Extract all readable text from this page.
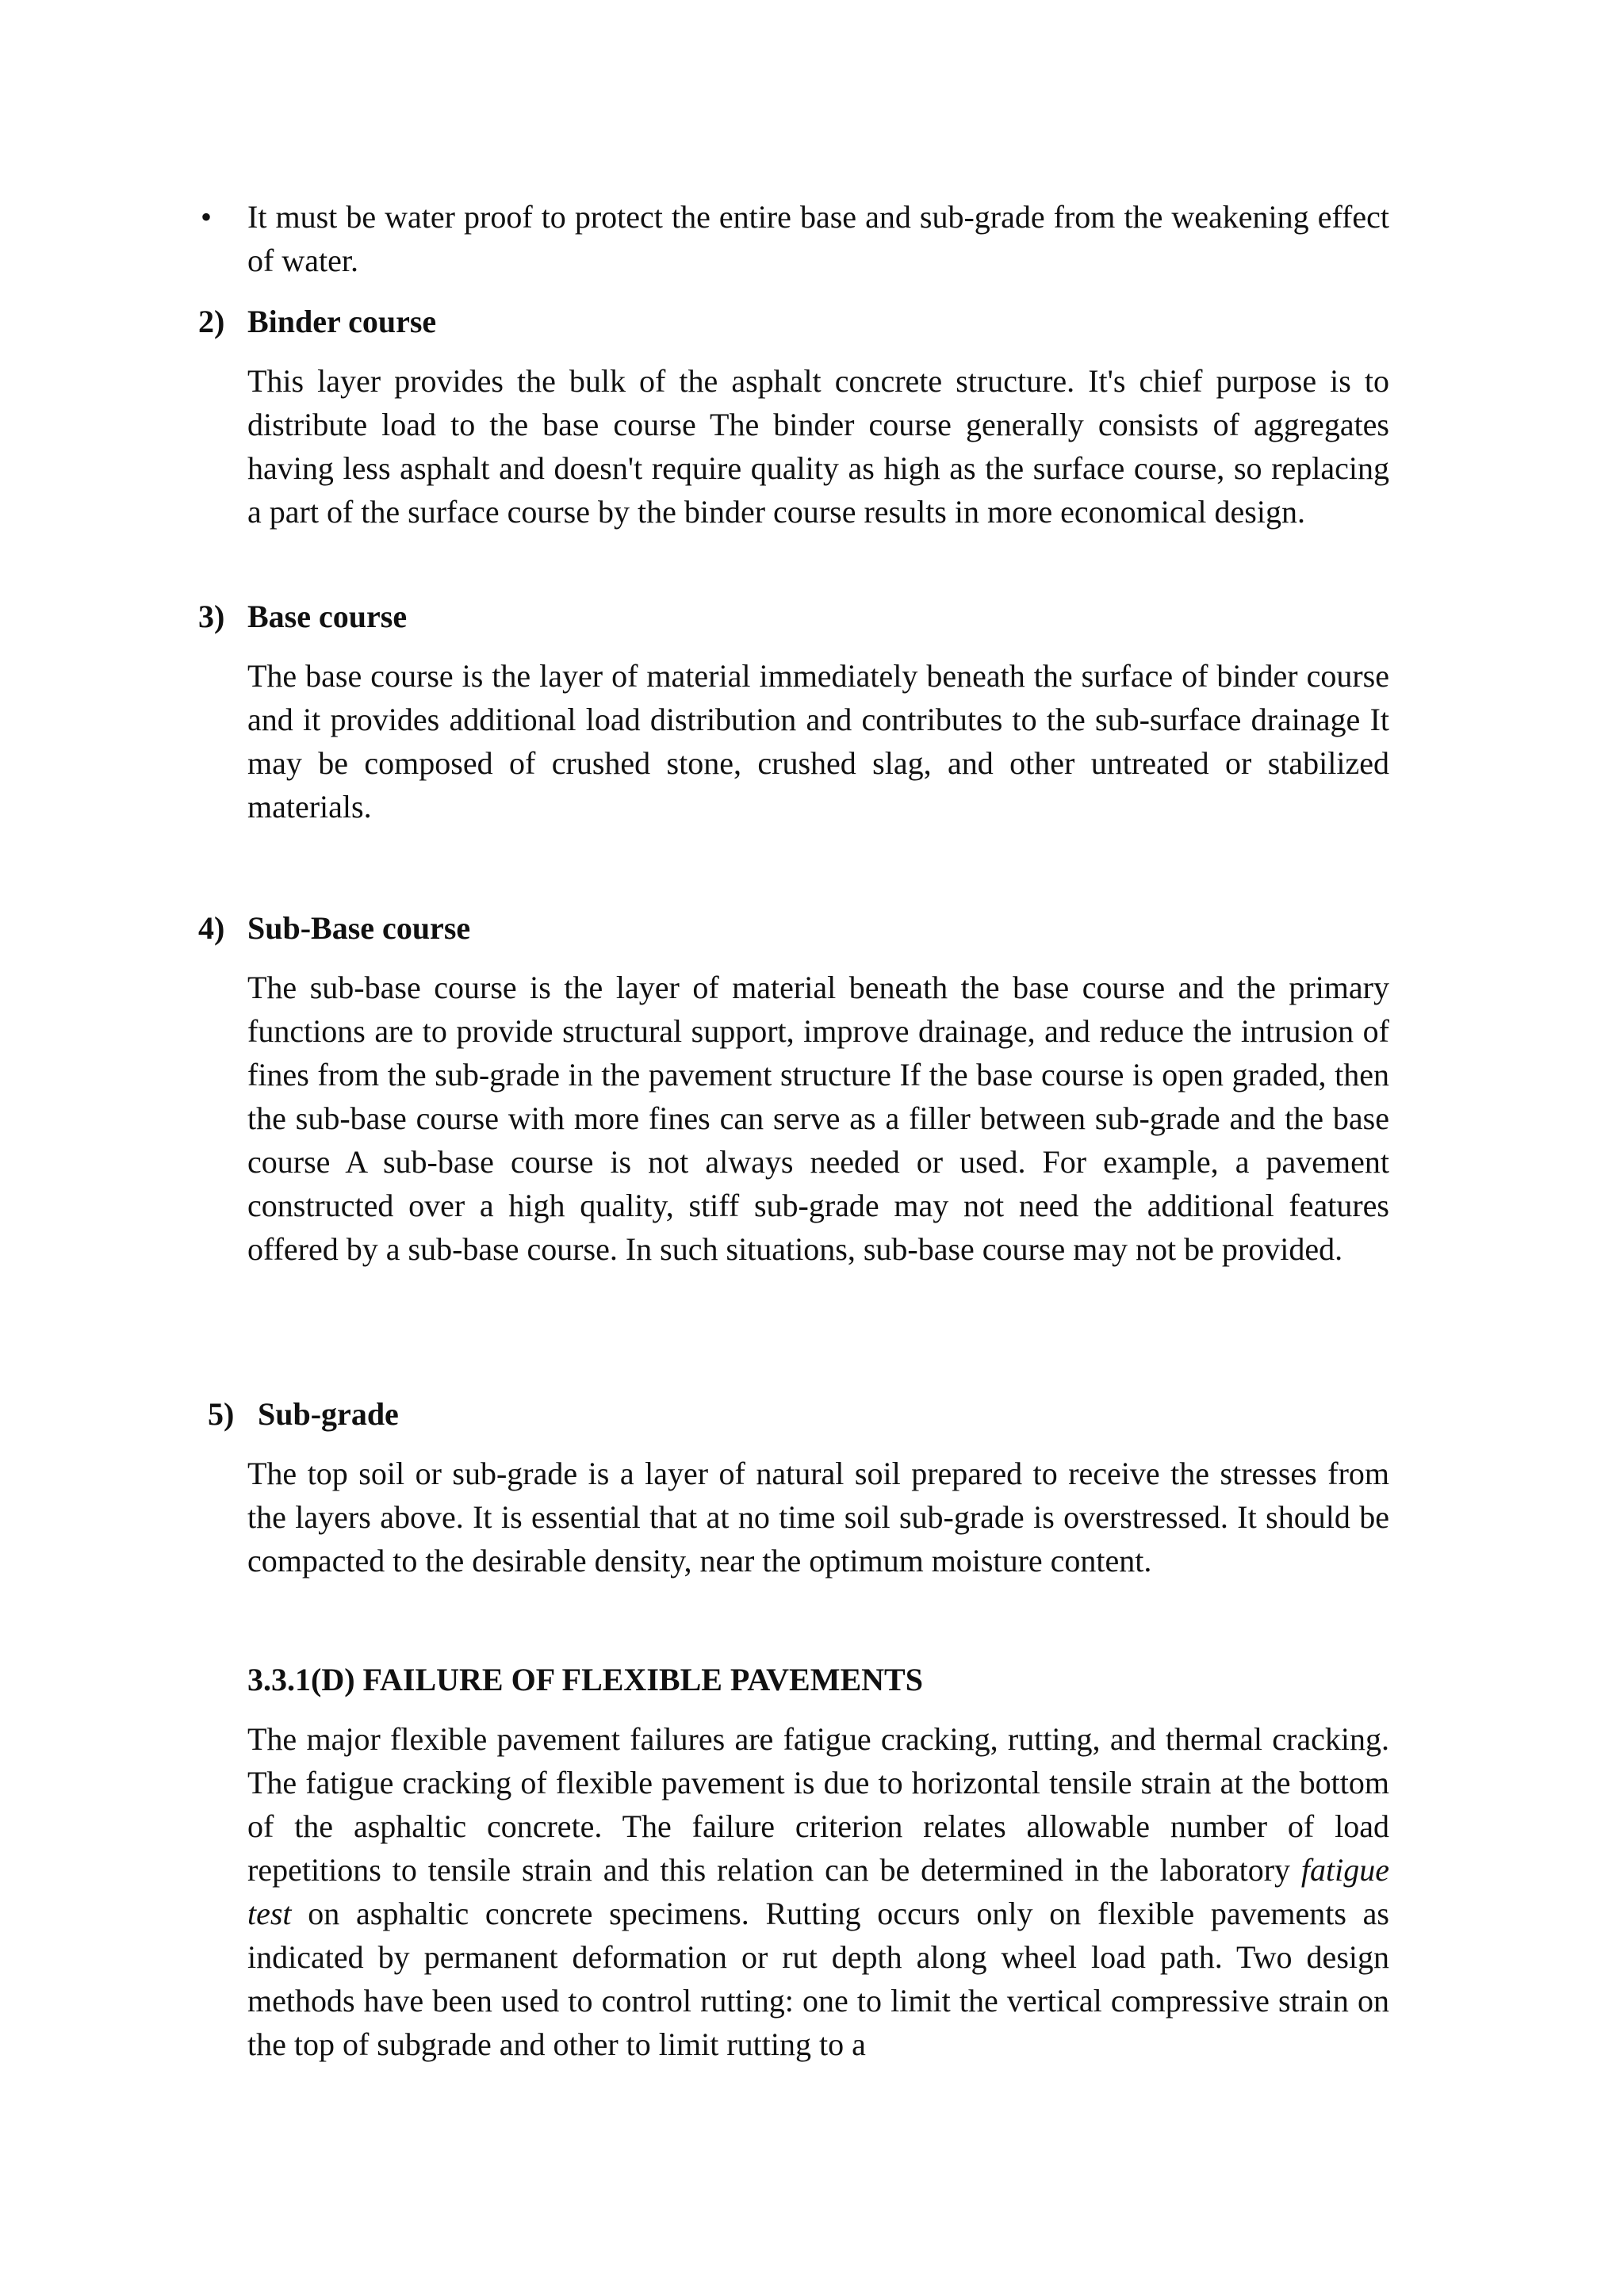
• It must be water proof to protect the entire base and sub-grade from the weakening effect of water.
2) Binder course
This layer provides the bulk of the asphalt concrete structure. It's chief purpose is to distribute load to the base course The binder course generally consists of aggregates having less asphalt and doesn't require quality as high as the surface course, so replacing a part of the surface course by the binder course results in more economical design.
3) Base course
The base course is the layer of material immediately beneath the surface of binder course and it provides additional load distribution and contributes to the sub-surface drainage It may be composed of crushed stone, crushed slag, and other untreated or stabilized materials.
4) Sub-Base course
The sub-base course is the layer of material beneath the base course and the primary functions are to provide structural support, improve drainage, and reduce the intrusion of fines from the sub-grade in the pavement structure If the base course is open graded, then the sub-base course with more fines can serve as a filler between sub-grade and the base course A sub-base course is not always needed or used. For example, a pavement constructed over a high quality, stiff sub-grade may not need the additional features offered by a sub-base course. In such situations, sub-base course may not be provided.
5) Sub-grade
The top soil or sub-grade is a layer of natural soil prepared to receive the stresses from the layers above. It is essential that at no time soil sub-grade is overstressed. It should be compacted to the desirable density, near the optimum moisture content.
3.3.1(D) FAILURE OF FLEXIBLE PAVEMENTS
The major flexible pavement failures are fatigue cracking, rutting, and thermal cracking. The fatigue cracking of flexible pavement is due to horizontal tensile strain at the bottom of the asphaltic concrete. The failure criterion relates allowable number of load repetitions to tensile strain and this relation can be determined in the laboratory fatigue test on asphaltic concrete specimens. Rutting occurs only on flexible pavements as indicated by permanent deformation or rut depth along wheel load path. Two design methods have been used to control rutting: one to limit the vertical compressive strain on the top of subgrade and other to limit rutting to a
